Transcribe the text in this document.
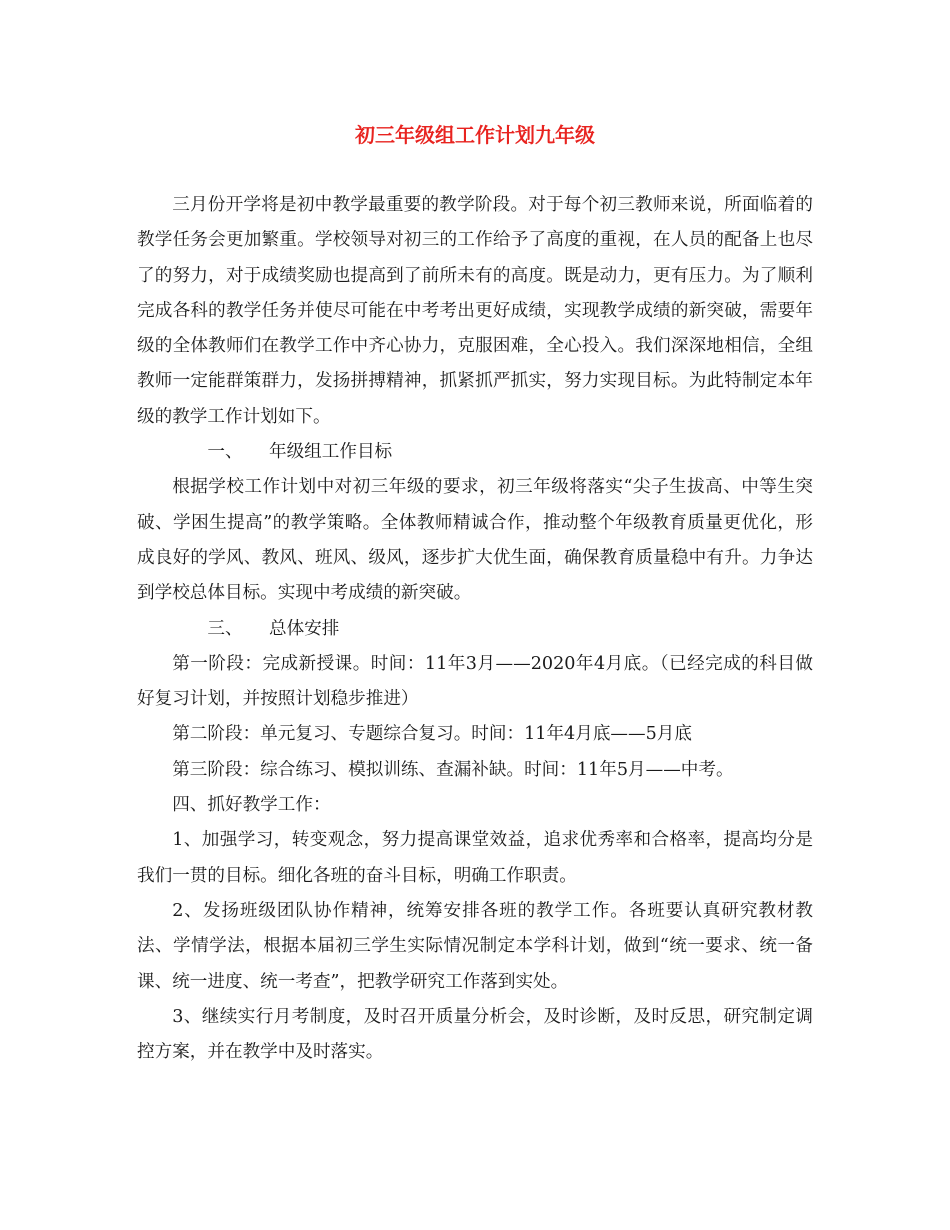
初三年级组工作计划九年级

三月份开学将是初中教学最重要的教学阶段。对于每个初三教师来说，所面临着的教学任务会更加繁重。学校领导对初三的工作给予了高度的重视，在人员的配备上也尽了的努力，对于成绩奖励也提高到了前所未有的高度。既是动力，更有压力。为了顺利完成各科的教学任务并使尽可能在中考考出更好成绩，实现教学成绩的新突破，需要年级的全体教师们在教学工作中齐心协力，克服困难，全心投入。我们深深地相信，全组教师一定能群策群力，发扬拼搏精神，抓紧抓严抓实，努力实现目标。为此特制定本年级的教学工作计划如下。

一、 年级组工作目标

根据学校工作计划中对初三年级的要求，初三年级将落实“尖子生拔高、中等生突破、学困生提高”的教学策略。全体教师精诚合作，推动整个年级教育质量更优化，形成良好的学风、教风、班风、级风，逐步扩大优生面，确保教育质量稳中有升。力争达到学校总体目标。实现中考成绩的新突破。

三、 总体安排

第一阶段：完成新授课。时间：11年3月——2020年4月底。（已经完成的科目做好复习计划，并按照计划稳步推进）

第二阶段：单元复习、专题综合复习。时间：11年4月底——5月底

第三阶段：综合练习、模拟训练、查漏补缺。时间：11年5月——中考。

四、抓好教学工作：

1、加强学习，转变观念，努力提高课堂效益，追求优秀率和合格率，提高均分是我们一贯的目标。细化各班的奋斗目标，明确工作职责。

2、发扬班级团队协作精神，统筹安排各班的教学工作。各班要认真研究教材教法、学情学法，根据本届初三学生实际情况制定本学科计划，做到“统一要求、统一备课、统一进度、统一考查”，把教学研究工作落到实处。

3、继续实行月考制度，及时召开质量分析会，及时诊断，及时反思，研究制定调控方案，并在教学中及时落实。
